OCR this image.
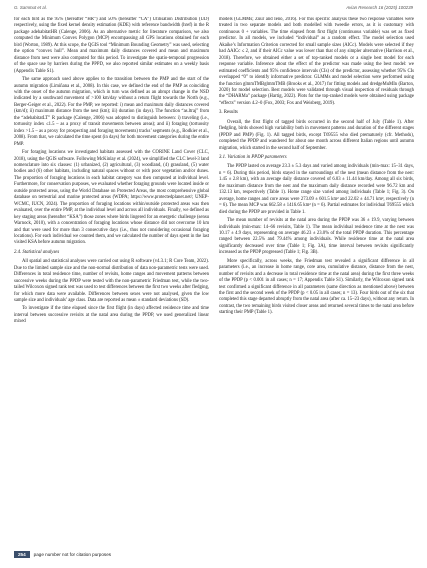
G. Sammut et al.	Avian Research 16 (2025) 100239

for each bird as the 95% (hereafter “HR”) and 50% (hereafter “CA”) Utilisation Distribution (UD) respectively, using the fixed kernel density estimation (KDE) with reference bandwidth (href) in the R package adehabitatHR (Calenge, 2006). As an alternative metric for literature comparison, we also computed the Minimum Convex Polygon (MCP) encompassing all GPS locations obtained for each bird (Worton, 1989). At this scope, the QGIS tool “Minimum Bounding Geometry” was used, selecting the option “convex hull”. Mean and maximum daily distances covered and mean and maximum distance from nest were also computed for this period. To investigate the spatio-temporal progression of the space use by harriers during the PPPD, we also reported similar estimates on a weekly basis (Appendix Table S1).

The same approach used above applies to the transition between the PMP and the start of the autumn migration (Limiñana et al., 2008). In this case, we defined the end of the PMP as coinciding with the onset of the autumn migration, which in turn was defined as an abrupt change in the NSD indicated by a southward movement of >100 km/day without a return flight towards the North (e.g., Berger-Geiger et al., 2022). For the PMP, we reported: i) mean and maximum daily distances covered (km/d); ii) maximum distance from the nest (km); iii) duration (in days). The function “as.ltraj” from the “adehabitatLT” R package (Calenge, 2006) was adopted to distinguish between: i) traveling (i.e., tortuosity index ≤1.5 – as a proxy of transit movements between areas); and ii) foraging (tortuosity index >1.5 – as a proxy for prospecting and foraging movements) tracks’ segments (e.g., Bodkier et al., 2008). From that, we calculated the time spent (in days) for both movement categories during the entire PMP.

For foraging locations we investigated habitats assessed with the CORINE Land Cover (CLC, 2018), using the QGIS software. Following McKinlay et al. (2024), we simplified the CLC level-3 land nomenclature into six classes: (1) urbanized, (2) agricultural, (3) woodland, (4) grassland, (5) water bodies and (6) other habitats, including natural spaces without or with poor vegetation and/or dunes. The proportion of foraging locations in each habitat category was then computed at individual level. Furthermore, for conservation purposes, we evaluated whether foraging grounds were located inside or outside protected areas, using the World Database on Protected Areas, the most comprehensive global database on terrestrial and marine protected areas (WDPA; https://www.protectedplanet.net/; UNEP-WCMC, IUCN, 2024). The proportion of foraging locations within/outside protected areas was then evaluated, over the entire PMP, at the individual level and across all individuals. Finally, we defined as key staging areas (hereafter “KSA”) those zones where birds lingered for an energetic challenge (sensu Warnock, 2010), with a concentration of foraging locations whose distance did not overcome 10 km and that were used for more than 3 consecutive days (i.e., thus not considering occasional foraging locations). For each individual we counted them, and we calculated the number of days spent in the last visited KSA before autumn migration.

2.4. Statistical analyses

All spatial and statistical analyses were carried out using R software (v4.3.1; R Core Team, 2022). Due to the limited sample size and the non-normal distribution of data non-parametric tests were used. Differences in total residence time, number of revisits, home ranges and movement patterns between successive weeks during the PPDP were tested with the non-parametric Friedman test, while the two-tailed Wilcoxon signed rank test was used to test differences between the first two weeks after fledging, for which more data were available. Differences between sexes were not analysed, given the low sample size and individuals’ age class. Data are reported as mean ± standard deviations (SD).

To investigate if the time elapsed since the first flight (in days) affected residence time and time interval between successive revisits at the natal area during the PPDP, we used generalized linear mixed

models (GLMMs; Zuur and Ieno, 2016). For this specific analysis these two response variables were treated in two separate models and both modelled with tweedie errors, as it is customary with continuous 0 + variables. The time elapsed from first flight (continuous variable) was set as fixed predictor. In all models, we included “individual” as a random effect. The model selection used Akaike’s Information Criterion corrected for small sample sizes (AICc). Models were selected if they had ΔAICc ≤ 2, and if their AICc value was lower than that of any simpler alternative (Harrison et al., 2018). Therefore, we obtained either a set of top-ranked models or a single best model for each response variable. Inference about the effect of the predictor was made using the best model: we estimated coefficients and 95% confidence intervals (CIs) of the predictor, assessing whether 95% CIs overlapped “0” to identify informative predictor. GLMMs and model selection were performed using the function glmmTMBglmmTMB (Brooks et al., 2017) for fitting models and dredgeMuMIn (Barton, 2020) for model selection. Best models were validated through visual inspection of residuals through the “DHARMa” package (Hartig, 2022). Plots for the top-ranked models were obtained using package “effects” version 4.2–0 (Fox, 2003; Fox and Weisberg, 2019).

3. Results

Overall, the first flight of tagged birds occurred in the second half of July (Table 1). After fledgling, birds showed high variability both in movement patterns and duration of the different stages (PPDP and PMP) (Fig. 1). All tagged birds, except T69555 who died prematurely (cfr. Methods), completed the PPDP and wandered for about one month across different Italian regions until autumn migration, which started in the second half of September.

3.1. Variation in PPDP parameters

The PPDP lasted on average 23.3 ± 5.3 days and varied among individuals (min-max: 15–31 days, n = 6). During this period, birds stayed in the surroundings of the nest (mean distance from the nest: 1.45 ± 2.8 km), with an average daily distance covered of 6.03 ± 11.44 km/day. Among all six birds, the maximum distance from the nest and the maximum daily distance recorded were 96.72 km and 132.13 km, respectively (Table 1). Home range size varied among individuals (Table 1; Fig. 3). On average, home ranges and core areas were 273.09 ± 601.5 km² and 22.02 ± 44.71 km², respectively (n = 6). The mean MCP was 662.58 ± 1416.65 km² (n = 6). Partial estimates for individual T69555 which died during the PPDP are provided in Table 1.

The mean number of revisits at the natal area during the PPDP was 36 ± 19.9, varying between individuals (min-max: 14–66 revisits, Table 1). The mean individual residence time at the nest was 10.17 ± 4.9 days, representing on average 46.23 ± 23.0% of the total PPDP duration. This percentage ranged between 22.5% and 79.44% among individuals. While residence time at the natal area significantly decreased over time (Table 1; Fig. 3A), time interval between revisits significantly increased as the PPDP progressed (Table 1; Fig. 3B).

More specifically, across weeks, the Friedman test revealed a significant difference in all parameters (i.e., an increase in home range, core area, cumulative distance, distance from the nest, number of revisits and a decrease in total residence time at the natal area) during the first three weeks of the PPDP (p < 0.001 in all cases; n = 17; Appendix Table S1). Similarly, the Wilcoxon signed rank test confirmed a significant difference in all parameters (same direction as mentioned above) between the first and the second week of the PPDP (p < 0.05 in all cases; n = 13). Four birds out of the six that completed this stage departed abruptly from the natal area (after ca. 15–23 days), without any return. In contrast, the two remaining birds visited closer areas and returned several times to the natal area before starting their PMP (Table 1).

254	page number not for citation purposes
